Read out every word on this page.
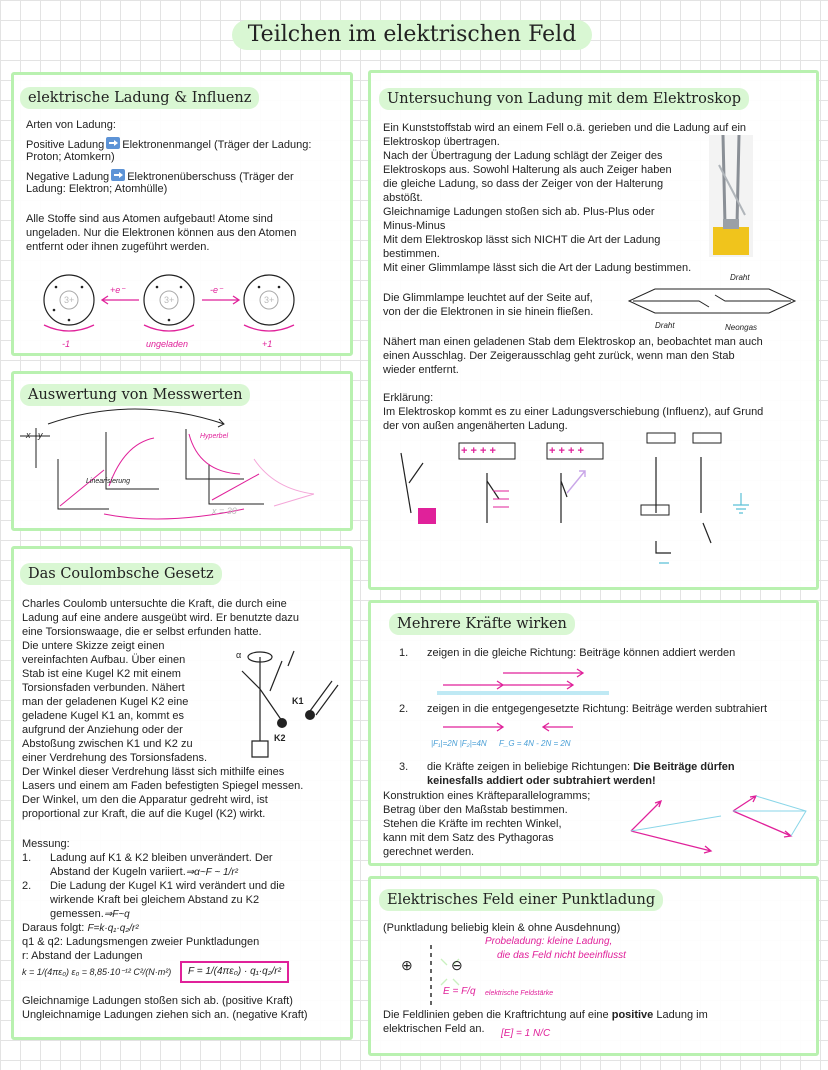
Teilchen im elektrischen Feld
elektrische Ladung & Influenz
Arten von Ladung:
Positive Ladung Elektronenmangel (Träger der Ladung:
Proton; Atomkern)
Negative Ladung Elektronenüberschuss (Träger der
Ladung: Elektron; Atomhülle)
Alle Stoffe sind aus Atomen aufgebaut! Atome sind
ungeladen. Nur die Elektronen können aus den Atomen
entfernt oder ihnen zugeführt werden.
3+	3+	3+
+e⁻	-e⁻
-1	ungeladen	+1
Auswertung von Messwerten
x y
Linearisierung
Hyperbel
x = 30
Das Coulombsche Gesetz
Charles Coulomb untersuchte die Kraft, die durch eine
Ladung auf eine andere ausgeübt wird. Er benutzte dazu
eine Torsionswaage, die er selbst erfunden hatte.
Die untere Skizze zeigt einen
vereinfachten Aufbau. Über einen
Stab ist eine Kugel K2 mit einem
Torsionsfaden verbunden. Nähert
man der geladenen Kugel K2 eine
geladene Kugel K1 an, kommt es
aufgrund der Anziehung oder der
Abstoßung zwischen K1 und K2 zu
einer Verdrehung des Torsionsfadens.
Der Winkel dieser Verdrehung lässt sich mithilfe eines
Lasers und einem am Faden befestigten Spiegel messen.
Der Winkel, um den die Apparatur gedreht wird, ist
proportional zur Kraft, die auf die Kugel (K2) wirkt.
α
K1
K2
Messung:
1. Ladung auf K1 & K2 bleiben unverändert. Der
Abstand der Kugeln variiert.⇒α~F ~ 1/r²
2. Die Ladung der Kugel K1 wird verändert und die
wirkende Kraft bei gleichem Abstand zu K2
gemessen.⇒F~q
Daraus folgt: F=k·q₁·q₂/r²
q1 & q2: Ladungsmengen zweier Punktladungen
r: Abstand der Ladungen
k = 1/(4πε₀) ε₀ = 8,85·10⁻¹² C²/(N·m²)	F = 1/(4πε₀) · q₁·q₂/r²
Gleichnamige Ladungen stoßen sich ab. (positive Kraft)
Ungleichnamige Ladungen ziehen sich an. (negative Kraft)
Untersuchung von Ladung mit dem Elektroskop
Ein Kunststoffstab wird an einem Fell o.ä. gerieben und die Ladung auf ein
Elektroskop übertragen.
Nach der Übertragung der Ladung schlägt der Zeiger des
Elektroskops aus. Sowohl Halterung als auch Zeiger haben
die gleiche Ladung, so dass der Zeiger von der Halterung
abstößt.
Gleichnamige Ladungen stoßen sich ab. Plus-Plus oder
Minus-Minus
Mit dem Elektroskop lässt sich NICHT die Art der Ladung
bestimmen.
Mit einer Glimmlampe lässt sich die Art der Ladung bestimmen.
Die Glimmlampe leuchtet auf der Seite auf,
von der die Elektronen in sie hinein fließen.
Draht
Draht	Neongas
Nähert man einen geladenen Stab dem Elektroskop an, beobachtet man auch
einen Ausschlag. Der Zeigerausschlag geht zurück, wenn man den Stab
wieder entfernt.
Erklärung:
Im Elektroskop kommt es zu einer Ladungsverschiebung (Influenz), auf Grund
der von außen angenäherten Ladung.
+ + + +	+ + + +
Mehrere Kräfte wirken
1. zeigen in die gleiche Richtung: Beiträge können addiert werden
2. zeigen in die entgegengesetzte Richtung: Beiträge werden subtrahiert
|F₁|=2N |F₂|=4N F_G = 4N - 2N = 2N
3. die Kräfte zeigen in beliebige Richtungen: Die Beiträge dürfen
keinesfalls addiert oder subtrahiert werden!
Konstruktion eines Kräfteparallelogramms;
Betrag über den Maßstab bestimmen.
Stehen die Kräfte im rechten Winkel,
kann mit dem Satz des Pythagoras
gerechnet werden.
Elektrisches Feld einer Punktladung
(Punktladung beliebig klein & ohne Ausdehnung)
⊕	⊖
Probeladung: kleine Ladung,
die das Feld nicht beeinflusst
E = F/q elektrische Feldstärke
Die Feldlinien geben die Kraftrichtung auf eine positive Ladung im
elektrischen Feld an. [E] = 1 N/C
